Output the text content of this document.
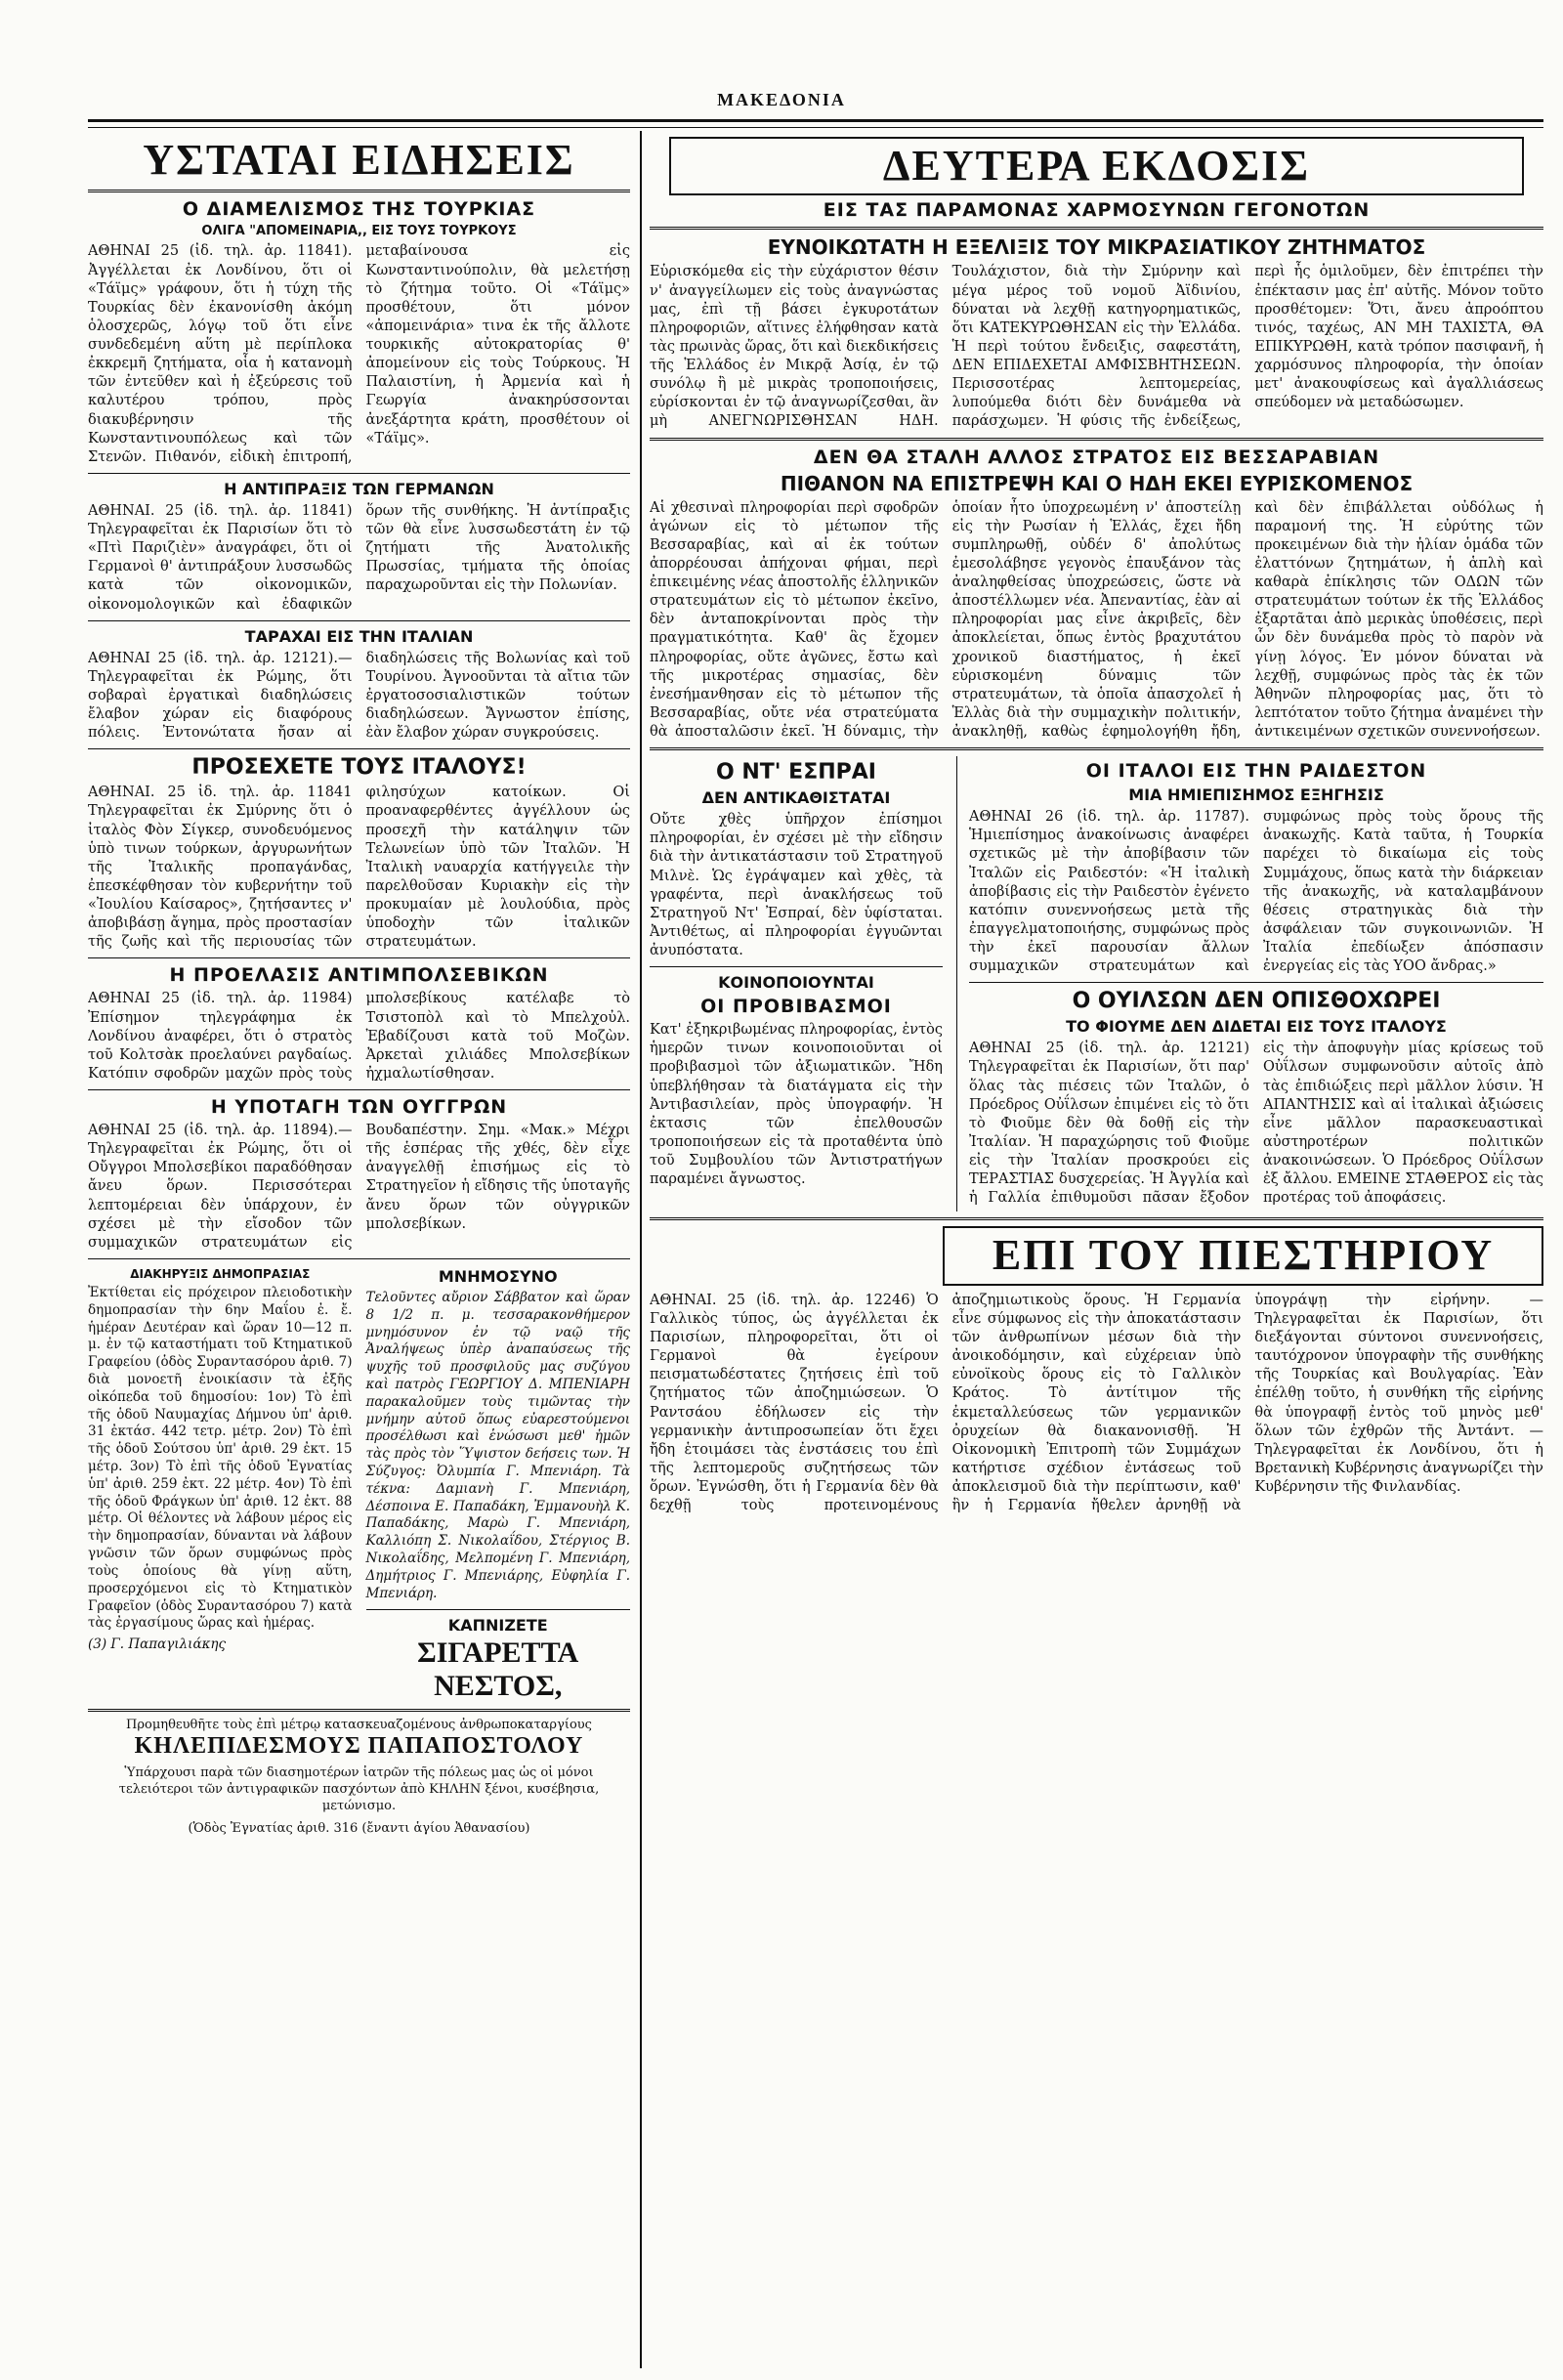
ΜΑΚΕΔΟΝΙΑ
ΥΣΤΑΤΑΙ ΕΙΔΗΣΕΙΣ
Ο ΔΙΑΜΕΛΙΣΜΟΣ ΤΗΣ ΤΟΥΡΚΙΑΣ
ΟΛΙΓΑ "ΑΠΟΜΕΙΝΑΡΙΑ,, ΕΙΣ ΤΟΥΣ ΤΟΥΡΚΟΥΣ
ΑΘΗΝΑΙ 25 (ἰδ. τηλ. ἀρ. 11841). Ἀγγέλλεται ἐκ Λονδίνου, ὅτι οἱ «Τάϊμς» γράφουν, ὅτι ἡ τύχη τῆς Τουρκίας δὲν ἐκανονίσθη ἀκόμη ὁλοσχερῶς, λόγῳ τοῦ ὅτι εἶνε συνδεδεμένη αὕτη μὲ περίπλοκα ἐκκρεμῆ ζητήματα, οἷα ἡ κατανομὴ τῶν ἐντεῦθεν καὶ ἡ ἐξεύρεσις τοῦ καλυτέρου τρόπου, πρὸς διακυβέρνησιν τῆς Κωνσταντινουπόλεως καὶ τῶν Στενῶν. Πιθανόν, εἰδικὴ ἐπιτροπή, μεταβαίνουσα εἰς Κωνσταντινούπολιν, θὰ μελετήσῃ τὸ ζήτημα τοῦτο. Οἱ «Τάϊμς» προσθέτουν, ὅτι μόνον «ἀπομεινάρια» τινα ἐκ τῆς ἄλλοτε τουρκικῆς αὐτοκρατορίας θ' ἀπομείνουν εἰς τοὺς Τούρκους. Ἡ Παλαιστίνη, ἡ Ἀρμενία καὶ ἡ Γεωργία ἀνακηρύσσονται ἀνεξάρτητα κράτη, προσθέτουν οἱ «Τάϊμς».
Η ΑΝΤΙΠΡΑΞΙΣ ΤΩΝ ΓΕΡΜΑΝΩΝ
ΑΘΗΝΑΙ. 25 (ἰδ. τηλ. ἀρ. 11841) Τηλεγραφεῖται ἐκ Παρισίων ὅτι τὸ «Πτὶ Παριζιὲν» ἀναγράφει, ὅτι οἱ Γερμανοὶ θ' ἀντιπράξουν λυσσωδῶς κατὰ τῶν οἰκονομικῶν, οἰκονομολογικῶν καὶ ἐδαφικῶν ὅρων τῆς συνθήκης. Ἡ ἀντίπραξις τῶν θὰ εἶνε λυσσωδεστάτη ἐν τῷ ζητήματι τῆς Ἀνατολικῆς Πρωσσίας, τμήματα τῆς ὁποίας παραχωροῦνται εἰς τὴν Πολωνίαν.
ΤΑΡΑΧΑΙ ΕΙΣ ΤΗΝ ΙΤΑΛΙΑΝ
ΑΘΗΝΑΙ 25 (ἰδ. τηλ. ἀρ. 12121).—Τηλεγραφεῖται ἐκ Ρώμης, ὅτι σοβαραὶ ἐργατικαὶ διαδηλώσεις ἔλαβον χώραν εἰς διαφόρους πόλεις. Ἐντονώτατα ἤσαν αἱ διαδηλώσεις τῆς Βολωνίας καὶ τοῦ Τουρίνου. Ἀγνοοῦνται τὰ αἴτια τῶν ἐργατοσοσιαλιστικῶν τούτων διαδηλώσεων. Ἄγνωστον ἐπίσης, ἐὰν ἔλαβον χώραν συγκρούσεις.
ΠΡΟΣΕΧΕΤΕ ΤΟΥΣ ΙΤΑΛΟΥΣ!
ΑΘΗΝΑΙ. 25 ἰδ. τηλ. ἀρ. 11841 Τηλεγραφεῖται ἐκ Σμύρνης ὅτι ὁ ἰταλὸς Φὸν Σίγκερ, συνοδευόμενος ὑπὸ τινων τούρκων, ἀργυρωνήτων τῆς Ἰταλικῆς προπαγάνδας, ἐπεσκέφθησαν τὸν κυβερνήτην τοῦ «Ἰουλίου Καίσαρος», ζητήσαντες ν' ἀποβιβάσῃ ἄγημα, πρὸς προστασίαν τῆς ζωῆς καὶ τῆς περιουσίας τῶν φιλησύχων κατοίκων. Οἱ προαναφερθέντες ἀγγέλλουν ὡς προσεχῆ τὴν κατάληψιν τῶν Τελωνείων ὑπὸ τῶν Ἰταλῶν. Ἡ Ἰταλικὴ ναυαρχία κατήγγειλε τὴν παρελθοῦσαν Κυριακὴν εἰς τὴν προκυμαίαν μὲ λουλούδια, πρὸς ὑποδοχὴν τῶν ἰταλικῶν στρατευμάτων.
Η ΠΡΟΕΛΑΣΙΣ ΑΝΤΙΜΠΟΛΣΕΒΙΚΩΝ
ΑΘΗΝΑΙ 25 (ἰδ. τηλ. ἀρ. 11984) Ἐπίσημον τηλεγράφημα ἐκ Λονδίνου ἀναφέρει, ὅτι ὁ στρατὸς τοῦ Κολτσὰκ προελαύνει ραγδαίως. Κατόπιν σφοδρῶν μαχῶν πρὸς τοὺς μπολσεβίκους κατέλαβε τὸ Τσιστοπὸλ καὶ τὸ Μπελχοὐλ. Ἐβαδίζουσι κατὰ τοῦ Μοζὼν. Ἀρκεταὶ χιλιάδες Μπολσεβίκων ἠχμαλωτίσθησαν.
Η ΥΠΟΤΑΓΗ ΤΩΝ ΟΥΓΓΡΩΝ
ΑΘΗΝΑΙ 25 (ἰδ. τηλ. ἀρ. 11894).—Τηλεγραφεῖται ἐκ Ρώμης, ὅτι οἱ Οὔγγροι Μπολσεβίκοι παραδόθησαν ἄνευ ὅρων. Περισσότεραι λεπτομέρειαι δὲν ὑπάρχουν, ἐν σχέσει μὲ τὴν εἴσοδον τῶν συμμαχικῶν στρατευμάτων εἰς Βουδαπέστην. Σημ. «Μακ.» Μέχρι τῆς ἑσπέρας τῆς χθές, δὲν εἶχε ἀναγγελθῇ ἐπισήμως εἰς τὸ Στρατηγεῖον ἡ εἴδησις τῆς ὑποταγῆς ἄνευ ὅρων τῶν οὐγγρικῶν μπολσεβίκων.
ΔΙΑΚΗΡΥΞΙΣ ΔΗΜΟΠΡΑΣΙΑΣ
Ἐκτίθεται εἰς πρόχειρον πλειοδοτικὴν δημοπρασίαν τὴν 6ην Μαΐου ἐ. ἔ. ἡμέραν Δευτέραν καὶ ὥραν 10—12 π. μ. ἐν τῷ καταστήματι τοῦ Κτηματικοῦ Γραφείου (ὁδὸς Συραντασόρου ἀριθ. 7) διὰ μονοετῆ ἐνοικίασιν τὰ ἐξῆς οἰκόπεδα τοῦ δημοσίου: 1ον) Τὸ ἐπὶ τῆς ὁδοῦ Ναυμαχίας Δήμνου ὑπ' ἀριθ. 31 ἐκτάσ. 442 τετρ. μέτρ. 2ον) Τὸ ἐπὶ τῆς ὁδοῦ Σούτσου ὑπ' ἀριθ. 29 ἐκτ. 15 μέτρ. 3ον) Τὸ ἐπὶ τῆς ὁδοῦ Ἐγνατίας ὑπ' ἀριθ. 259 ἐκτ. 22 μέτρ. 4ον) Τὸ ἐπὶ τῆς ὁδοῦ Φράγκων ὑπ' ἀριθ. 12 ἐκτ. 88 μέτρ. Οἱ θέλοντες νὰ λάβουν μέρος εἰς τὴν δημοπρασίαν, δύνανται νὰ λάβουν γνῶσιν τῶν ὅρων συμφώνως πρὸς τοὺς ὁποίους θὰ γίνῃ αὕτη, προσερχόμενοι εἰς τὸ Κτηματικὸν Γραφεῖον (ὁδὸς Συραντασόρου 7) κατὰ τὰς ἐργασίμους ὥρας καὶ ἡμέρας.
(3) Γ. Παπαγιλιάκης
ΜΝΗΜΟΣΥΝΟ
Τελοῦντες αὔριον Σάββατον καὶ ὥραν 8 1/2 π. μ. τεσσαρακονθήμερον μνημόσυνον ἐν τῷ ναῷ τῆς Ἀναλήψεως ὑπὲρ ἀναπαύσεως τῆς ψυχῆς τοῦ προσφιλοῦς μας συζύγου καὶ πατρὸς ΓΕΩΡΓΙΟΥ Δ. ΜΠΕΝΙΑΡΗ παρακαλοῦμεν τοὺς τιμῶντας τὴν μνήμην αὐτοῦ ὅπως εὐαρεστούμενοι προσέλθωσι καὶ ἑνώσωσι μεθ' ἡμῶν τὰς πρὸς τὸν Ὕψιστον δεήσεις των. Ἡ Σύζυγος: Ὀλυμπία Γ. Μπενιάρη. Τὰ τέκνα: Δαμιανὴ Γ. Μπενιάρη, Δέσποινα Ε. Παπαδάκη, Ἐμμανουὴλ Κ. Παπαδάκης, Μαρὼ Γ. Μπενιάρη, Καλλιόπη Σ. Νικολαΐδου, Στέργιος Β. Νικολαΐδης, Μελπομένη Γ. Μπενιάρη, Δημήτριος Γ. Μπενιάρης, Εὐφηλία Γ. Μπενιάρη.
ΚΑΠΝΙΖΕΤΕ
ΣΙΓΑΡΕΤΤΑ ΝΕΣΤΟΣ,
Προμηθευθῆτε τοὺς ἐπὶ μέτρῳ κατασκευαζομένους ἀνθρωποκαταργίους
ΚΗΛΕΠΙΔΕΣΜΟΥΣ ΠΑΠΑΠΟΣΤΟΛΟΥ
Ὑπάρχουσι παρὰ τῶν διασημοτέρων ἰατρῶν τῆς πόλεως μας ὡς οἱ μόνοι τελειότεροι τῶν ἀντιγραφικῶν πασχόντων ἀπὸ ΚΗΛΗΝ ξένοι, κυσέβησια, μετώνισμο.
(Ὁδὸς Ἐγνατίας ἀριθ. 316 (ἔναντι ἁγίου Ἀθανασίου)
ΔΕΥΤΕΡΑ ΕΚΔΟΣΙΣ
ΕΙΣ ΤΑΣ ΠΑΡΑΜΟΝΑΣ ΧΑΡΜΟΣΥΝΩΝ ΓΕΓΟΝΟΤΩΝ
ΕΥΝΟΙΚΩΤΑΤΗ Η ΕΞΕΛΙΞΙΣ ΤΟΥ ΜΙΚΡΑΣΙΑΤΙΚΟΥ ΖΗΤΗΜΑΤΟΣ
Εὑρισκόμεθα εἰς τὴν εὐχάριστον θέσιν ν' ἀναγγείλωμεν εἰς τοὺς ἀναγνώστας μας, ἐπὶ τῇ βάσει ἐγκυροτάτων πληροφοριῶν, αἵτινες ἐλήφθησαν κατὰ τὰς πρωινὰς ὥρας, ὅτι καὶ διεκδικήσεις τῆς Ἑλλάδος ἐν Μικρᾷ Ἀσίᾳ, ἐν τῷ συνόλῳ ἢ μὲ μικρὰς τροποποιήσεις, εὑρίσκονται ἐν τῷ ἀναγνωρίζεσθαι, ἂν μὴ ΑΝΕΓΝΩΡΙΣΘΗΣΑΝ ΗΔΗ. Τουλάχιστον, διὰ τὴν Σμύρνην καὶ μέγα μέρος τοῦ νομοῦ Ἀϊδινίου, δύναται νὰ λεχθῇ κατηγορηματικῶς, ὅτι ΚΑΤΕΚΥΡΩΘΗΣΑΝ εἰς τὴν Ἑλλάδα. Ἡ περὶ τούτου ἔνδειξις, σαφεστάτη, ΔΕΝ ΕΠΙΔΕΧΕΤΑΙ ΑΜΦΙΣΒΗΤΗΣΕΩΝ. Περισσοτέρας λεπτομερείας, λυπούμεθα διότι δὲν δυνάμεθα νὰ παράσχωμεν. Ἡ φύσις τῆς ἐνδείξεως, περὶ ἧς ὁμιλοῦμεν, δὲν ἐπιτρέπει τὴν ἐπέκτασιν μας ἐπ' αὐτῆς. Μόνον τοῦτο προσθέτομεν: Ὅτι, ἄνευ ἀπροόπτου τινός, ταχέως, ΑΝ ΜΗ ΤΑΧΙΣΤΑ, ΘΑ ΕΠΙΚΥΡΩΘΗ, κατὰ τρόπον πασιφανῆ, ἡ χαρμόσυνος πληροφορία, τὴν ὁποίαν μετ' ἀνακουφίσεως καὶ ἀγαλλιάσεως σπεύδομεν νὰ μεταδώσωμεν.
ΔΕΝ ΘΑ ΣΤΑΛΗ ΑΛΛΟΣ ΣΤΡΑΤΟΣ ΕΙΣ ΒΕΣΣΑΡΑΒΙΑΝ
ΠΙΘΑΝΟΝ ΝΑ ΕΠΙΣΤΡΕΨΗ ΚΑΙ Ο ΗΔΗ ΕΚΕΙ ΕΥΡΙΣΚΟΜΕΝΟΣ
Αἱ χθεσιναὶ πληροφορίαι περὶ σφοδρῶν ἀγώνων εἰς τὸ μέτωπον τῆς Βεσσαραβίας, καὶ αἱ ἐκ τούτων ἀπορρέουσαι ἀπήχοναι φήμαι, περὶ ἐπικειμένης νέας ἀποστολῆς ἑλληνικῶν στρατευμάτων εἰς τὸ μέτωπον ἐκεῖνο, δὲν ἀνταποκρίνονται πρὸς τὴν πραγματικότητα. Καθ' ἃς ἔχομεν πληροφορίας, οὔτε ἀγῶνες, ἔστω καὶ τῆς μικροτέρας σημασίας, δὲν ἐνεσήμανθησαν εἰς τὸ μέτωπον τῆς Βεσσαραβίας, οὔτε νέα στρατεύματα θὰ ἀποσταλῶσιν ἐκεῖ. Ἡ δύναμις, τὴν ὁποίαν ἦτο ὑποχρεωμένη ν' ἀποστείλῃ εἰς τὴν Ρωσίαν ἡ Ἑλλάς, ἔχει ἤδη συμπληρωθῇ, οὐδέν δ' ἀπολύτως ἐμεσολάβησε γεγονὸς ἐπαυξάνον τὰς ἀναληφθείσας ὑποχρεώσεις, ὥστε νὰ ἀποστέλλωμεν νέα. Ἀπεναντίας, ἐὰν αἱ πληροφορίαι μας εἶνε ἀκριβεῖς, δὲν ἀποκλείεται, ὅπως ἐντὸς βραχυτάτου χρονικοῦ διαστήματος, ἡ ἐκεῖ εὑρισκομένη δύναμις τῶν στρατευμάτων, τὰ ὁποῖα ἀπασχολεῖ ἡ Ἑλλὰς διὰ τὴν συμμαχικὴν πολιτικήν, ἀνακληθῇ, καθὼς ἐφημολογήθη ἤδη, καὶ δὲν ἐπιβάλλεται οὐδόλως ἡ παραμονή της. Ἡ εὐρύτης τῶν προκειμένων διὰ τὴν ἡλίαν ὁμάδα τῶν ἐλαττόνων ζητημάτων, ἡ ἁπλὴ καὶ καθαρὰ ἐπίκλησις τῶν ΟΔΩΝ τῶν στρατευμάτων τούτων ἐκ τῆς Ἑλλάδος ἐξαρτᾶται ἀπὸ μερικὰς ὑποθέσεις, περὶ ὧν δὲν δυνάμεθα πρὸς τὸ παρὸν νὰ γίνῃ λόγος. Ἐν μόνον δύναται νὰ λεχθῇ, συμφώνως πρὸς τὰς ἐκ τῶν Ἀθηνῶν πληροφορίας μας, ὅτι τὸ λεπτότατον τοῦτο ζήτημα ἀναμένει τὴν ἀντικειμένων σχετικῶν συνεννοήσεων.
Ο ΝΤ' ΕΣΠΡΑΙ
ΔΕΝ ΑΝΤΙΚΑΘΙΣΤΑΤΑΙ
Οὔτε χθὲς ὑπῆρχον ἐπίσημοι πληροφορίαι, ἐν σχέσει μὲ τὴν εἴδησιν διὰ τὴν ἀντικατάστασιν τοῦ Στρατηγοῦ Μιλνὲ. Ὡς ἐγράψαμεν καὶ χθὲς, τὰ γραφέντα, περὶ ἀνακλήσεως τοῦ Στρατηγοῦ Ντ' Ἐσπραί, δὲν ὑφίσταται. Ἀντιθέτως, αἱ πληροφορίαι ἐγγυῶνται ἀνυπόστατα.
ΚΟΙΝΟΠΟΙΟΥΝΤΑΙ
ΟΙ ΠΡΟΒΙΒΑΣΜΟΙ
Κατ' ἐξηκριβωμένας πληροφορίας, ἐντὸς ἡμερῶν τινων κοινοποιοῦνται οἱ προβιβασμοὶ τῶν ἀξιωματικῶν. Ἤδη ὑπεβλήθησαν τὰ διατάγματα εἰς τὴν Ἀντιβασιλείαν, πρὸς ὑπογραφήν. Ἡ ἐκτασις τῶν ἐπελθουσῶν τροποποιήσεων εἰς τὰ προταθέντα ὑπὸ τοῦ Συμβουλίου τῶν Ἀντιστρατήγων παραμένει ἄγνωστος.
ΟΙ ΙΤΑΛΟΙ ΕΙΣ ΤΗΝ ΡΑΙΔΕΣΤΟΝ
ΜΙΑ ΗΜΙΕΠΙΣΗΜΟΣ ΕΞΗΓΗΣΙΣ
ΑΘΗΝΑΙ 26 (ἰδ. τηλ. ἀρ. 11787). Ἡμιεπίσημος ἀνακοίνωσις ἀναφέρει σχετικῶς μὲ τὴν ἀποβίβασιν τῶν Ἰταλῶν εἰς Ραιδεστόν: «Ἡ ἰταλικὴ ἀποβίβασις εἰς τὴν Ραιδεστὸν ἐγένετο κατόπιν συνεννοήσεως μετὰ τῆς ἐπαγγελματοποιήσης, συμφώνως πρὸς τὴν ἐκεῖ παρουσίαν ἄλλων συμμαχικῶν στρατευμάτων καὶ συμφώνως πρὸς τοὺς ὅρους τῆς ἀνακωχῆς. Κατὰ ταῦτα, ἡ Τουρκία παρέχει τὸ δικαίωμα εἰς τοὺς Συμμάχους, ὅπως κατὰ τὴν διάρκειαν τῆς ἀνακωχῆς, νὰ καταλαμβάνουν θέσεις στρατηγικὰς διὰ τὴν ἀσφάλειαν τῶν συγκοινωνιῶν. Ἡ Ἰταλία ἐπεδίωξεν ἀπόσπασιν ἐνεργείας εἰς τὰς ΥΟΟ ἄνδρας.»
Ο ΟΥΙΛΣΩΝ ΔΕΝ ΟΠΙΣΘΟΧΩΡΕΙ
ΤΟ ΦΙΟΥΜΕ ΔΕΝ ΔΙΔΕΤΑΙ ΕΙΣ ΤΟΥΣ ΙΤΑΛΟΥΣ
ΑΘΗΝΑΙ 25 (ἰδ. τηλ. ἀρ. 12121) Τηλεγραφεῖται ἐκ Παρισίων, ὅτι παρ' ὅλας τὰς πιέσεις τῶν Ἰταλῶν, ὁ Πρόεδρος Οὐΐλσων ἐπιμένει εἰς τὸ ὅτι τὸ Φιοῦμε δὲν θὰ δοθῇ εἰς τὴν Ἰταλίαν. Ἡ παραχώρησις τοῦ Φιοῦμε εἰς τὴν Ἰταλίαν προσκρούει εἰς ΤΕΡΑΣΤΙΑΣ δυσχερείας. Ἡ Ἀγγλία καὶ ἡ Γαλλία ἐπιθυμοῦσι πᾶσαν ἔξοδον εἰς τὴν ἀποφυγὴν μίας κρίσεως τοῦ Οὐΐλσων συμφωνοῦσιν αὐτοῖς ἀπὸ τὰς ἐπιδιώξεις περὶ μᾶλλον λύσιν. Ἡ ΑΠΑΝΤΗΣΙΣ καὶ αἱ ἰταλικαὶ ἀξιώσεις εἶνε μᾶλλον παρασκευαστικαὶ αὐστηροτέρων πολιτικῶν ἀνακοινώσεων. Ὁ Πρόεδρος Οὐΐλσων ἐξ ἄλλου. ΕΜΕΙΝΕ ΣΤΑΘΕΡΟΣ εἰς τὰς προτέρας τοῦ ἀποφάσεις.
ΕΠΙ ΤΟΥ ΠΙΕΣΤΗΡΙΟΥ
ΑΘΗΝΑΙ. 25 (ἰδ. τηλ. ἀρ. 12246) Ὁ Γαλλικὸς τύπος, ὡς ἀγγέλλεται ἐκ Παρισίων, πληροφορεῖται, ὅτι οἱ Γερμανοὶ θὰ ἐγείρουν πεισματωδέστατες ζητήσεις ἐπὶ τοῦ ζητήματος τῶν ἀποζημιώσεων. Ὁ Ραντσάου ἐδήλωσεν εἰς τὴν γερμανικὴν ἀντιπροσωπείαν ὅτι ἔχει ἤδη ἑτοιμάσει τὰς ἐνστάσεις του ἐπὶ τῆς λεπτομεροῦς συζητήσεως τῶν ὅρων. Ἐγνώσθη, ὅτι ἡ Γερμανία δὲν θὰ δεχθῇ τοὺς προτεινομένους ἀποζημιωτικοὺς ὅρους. Ἡ Γερμανία εἶνε σύμφωνος εἰς τὴν ἀποκατάστασιν τῶν ἀνθρωπίνων μέσων διὰ τὴν ἀνοικοδόμησιν, καὶ εὐχέρειαν ὑπὸ εὐνοϊκοὺς ὅρους εἰς τὸ Γαλλικὸν Κράτος. Τὸ ἀντίτιμον τῆς ἐκμεταλλεύσεως τῶν γερμανικῶν ὀρυχείων θὰ διακανονισθῇ. Ἡ Οἰκονομικὴ Ἐπιτροπὴ τῶν Συμμάχων κατήρτισε σχέδιον ἐντάσεως τοῦ ἀποκλεισμοῦ διὰ τὴν περίπτωσιν, καθ' ἣν ἡ Γερμανία ἤθελεν ἀρνηθῇ νὰ ὑπογράψῃ τὴν εἰρήνην. —Τηλεγραφεῖται ἐκ Παρισίων, ὅτι διεξάγονται σύντονοι συνεννοήσεις, ταυτόχρονον ὑπογραφὴν τῆς συνθήκης τῆς Τουρκίας καὶ Βουλγαρίας. Ἐὰν ἐπέλθῃ τοῦτο, ἡ συνθήκη τῆς εἰρήνης θὰ ὑπογραφῇ ἐντὸς τοῦ μηνὸς μεθ' ὅλων τῶν ἐχθρῶν τῆς Ἀντάντ. — Τηλεγραφεῖται ἐκ Λονδίνου, ὅτι ἡ Βρετανικὴ Κυβέρνησις ἀναγνωρίζει τὴν Κυβέρνησιν τῆς Φινλανδίας.
